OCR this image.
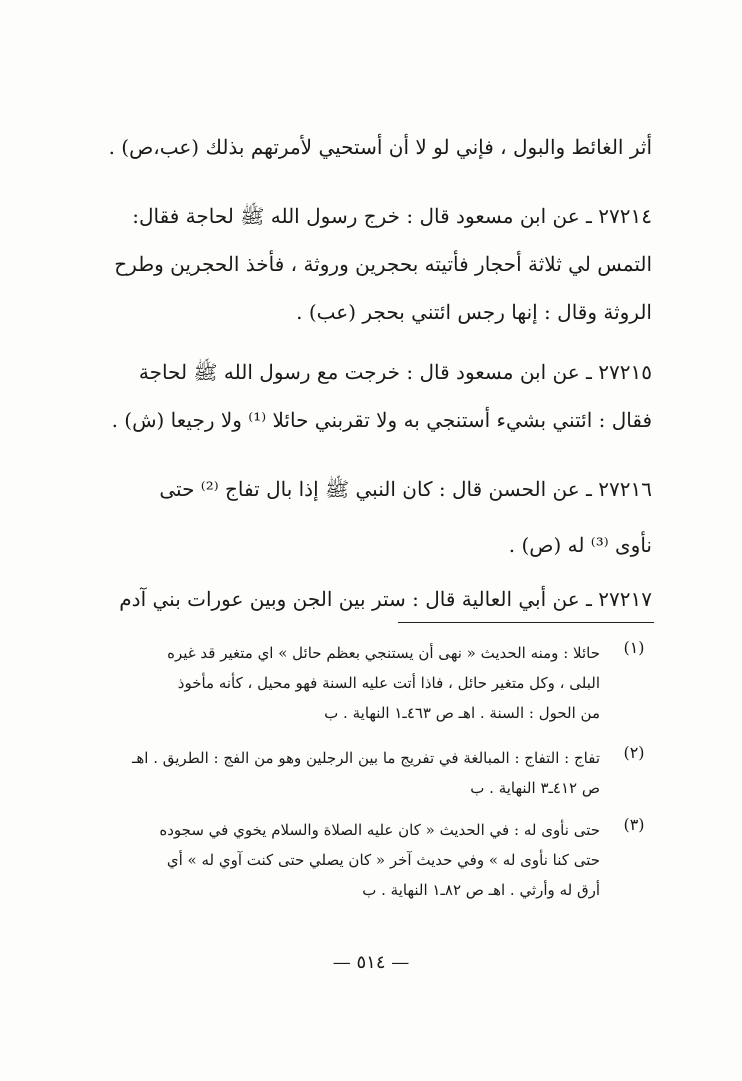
أثر الغائط والبول ، فإني لو لا أن أستحيي لأمرتهم بذلك (عب،ص) .
٢٧٢١٤ ـ عن ابن مسعود قال : خرج رسول الله ﷺ لحاجة فقال:
التمس لي ثلاثة أحجار فأتيته بحجرين وروثة ، فأخذ الحجرين وطرح
الروثة وقال : إنها رجس ائتني بحجر (عب) .
٢٧٢١٥ ـ عن ابن مسعود قال : خرجت مع رسول الله ﷺ لحاجة
فقال : ائتني بشيء أستنجي به ولا تقربني حائلا ⁽¹⁾ ولا رجيعا (ش) .
٢٧٢١٦ ـ عن الحسن قال : كان النبي ﷺ إذا بال تفاج ⁽²⁾ حتى
نأوى ⁽³⁾ له (ص) .
٢٧٢١٧ ـ عن أبي العالية قال : ستر بين الجن وبين عورات بني آدم
(١)
حائلا : ومنه الحديث « نهى أن يستنجي بعظم حائل » اي متغير قد غيره
البلى ، وكل متغير حائل ، فاذا أتت عليه السنة فهو محيل ، كأنه مأخوذ
من الحول : السنة . اهـ ص ٤٦٣ـ١ النهاية . ب
(٢)
تفاج : التفاج : المبالغة في تفريج ما بين الرجلين وهو من الفج : الطريق . اهـ
ص ٤١٢ـ٣ النهاية . ب
(٣)
حتى نأوى له : في الحديث « كان عليه الصلاة والسلام يخوي في سجوده
حتى كنا نأوى له » وفي حديث آخر « كان يصلي حتى كنت آوي له » أي
أرق له وأرثي . اهـ ص ٨٢ـ١ النهاية . ب
— ٥١٤ —
